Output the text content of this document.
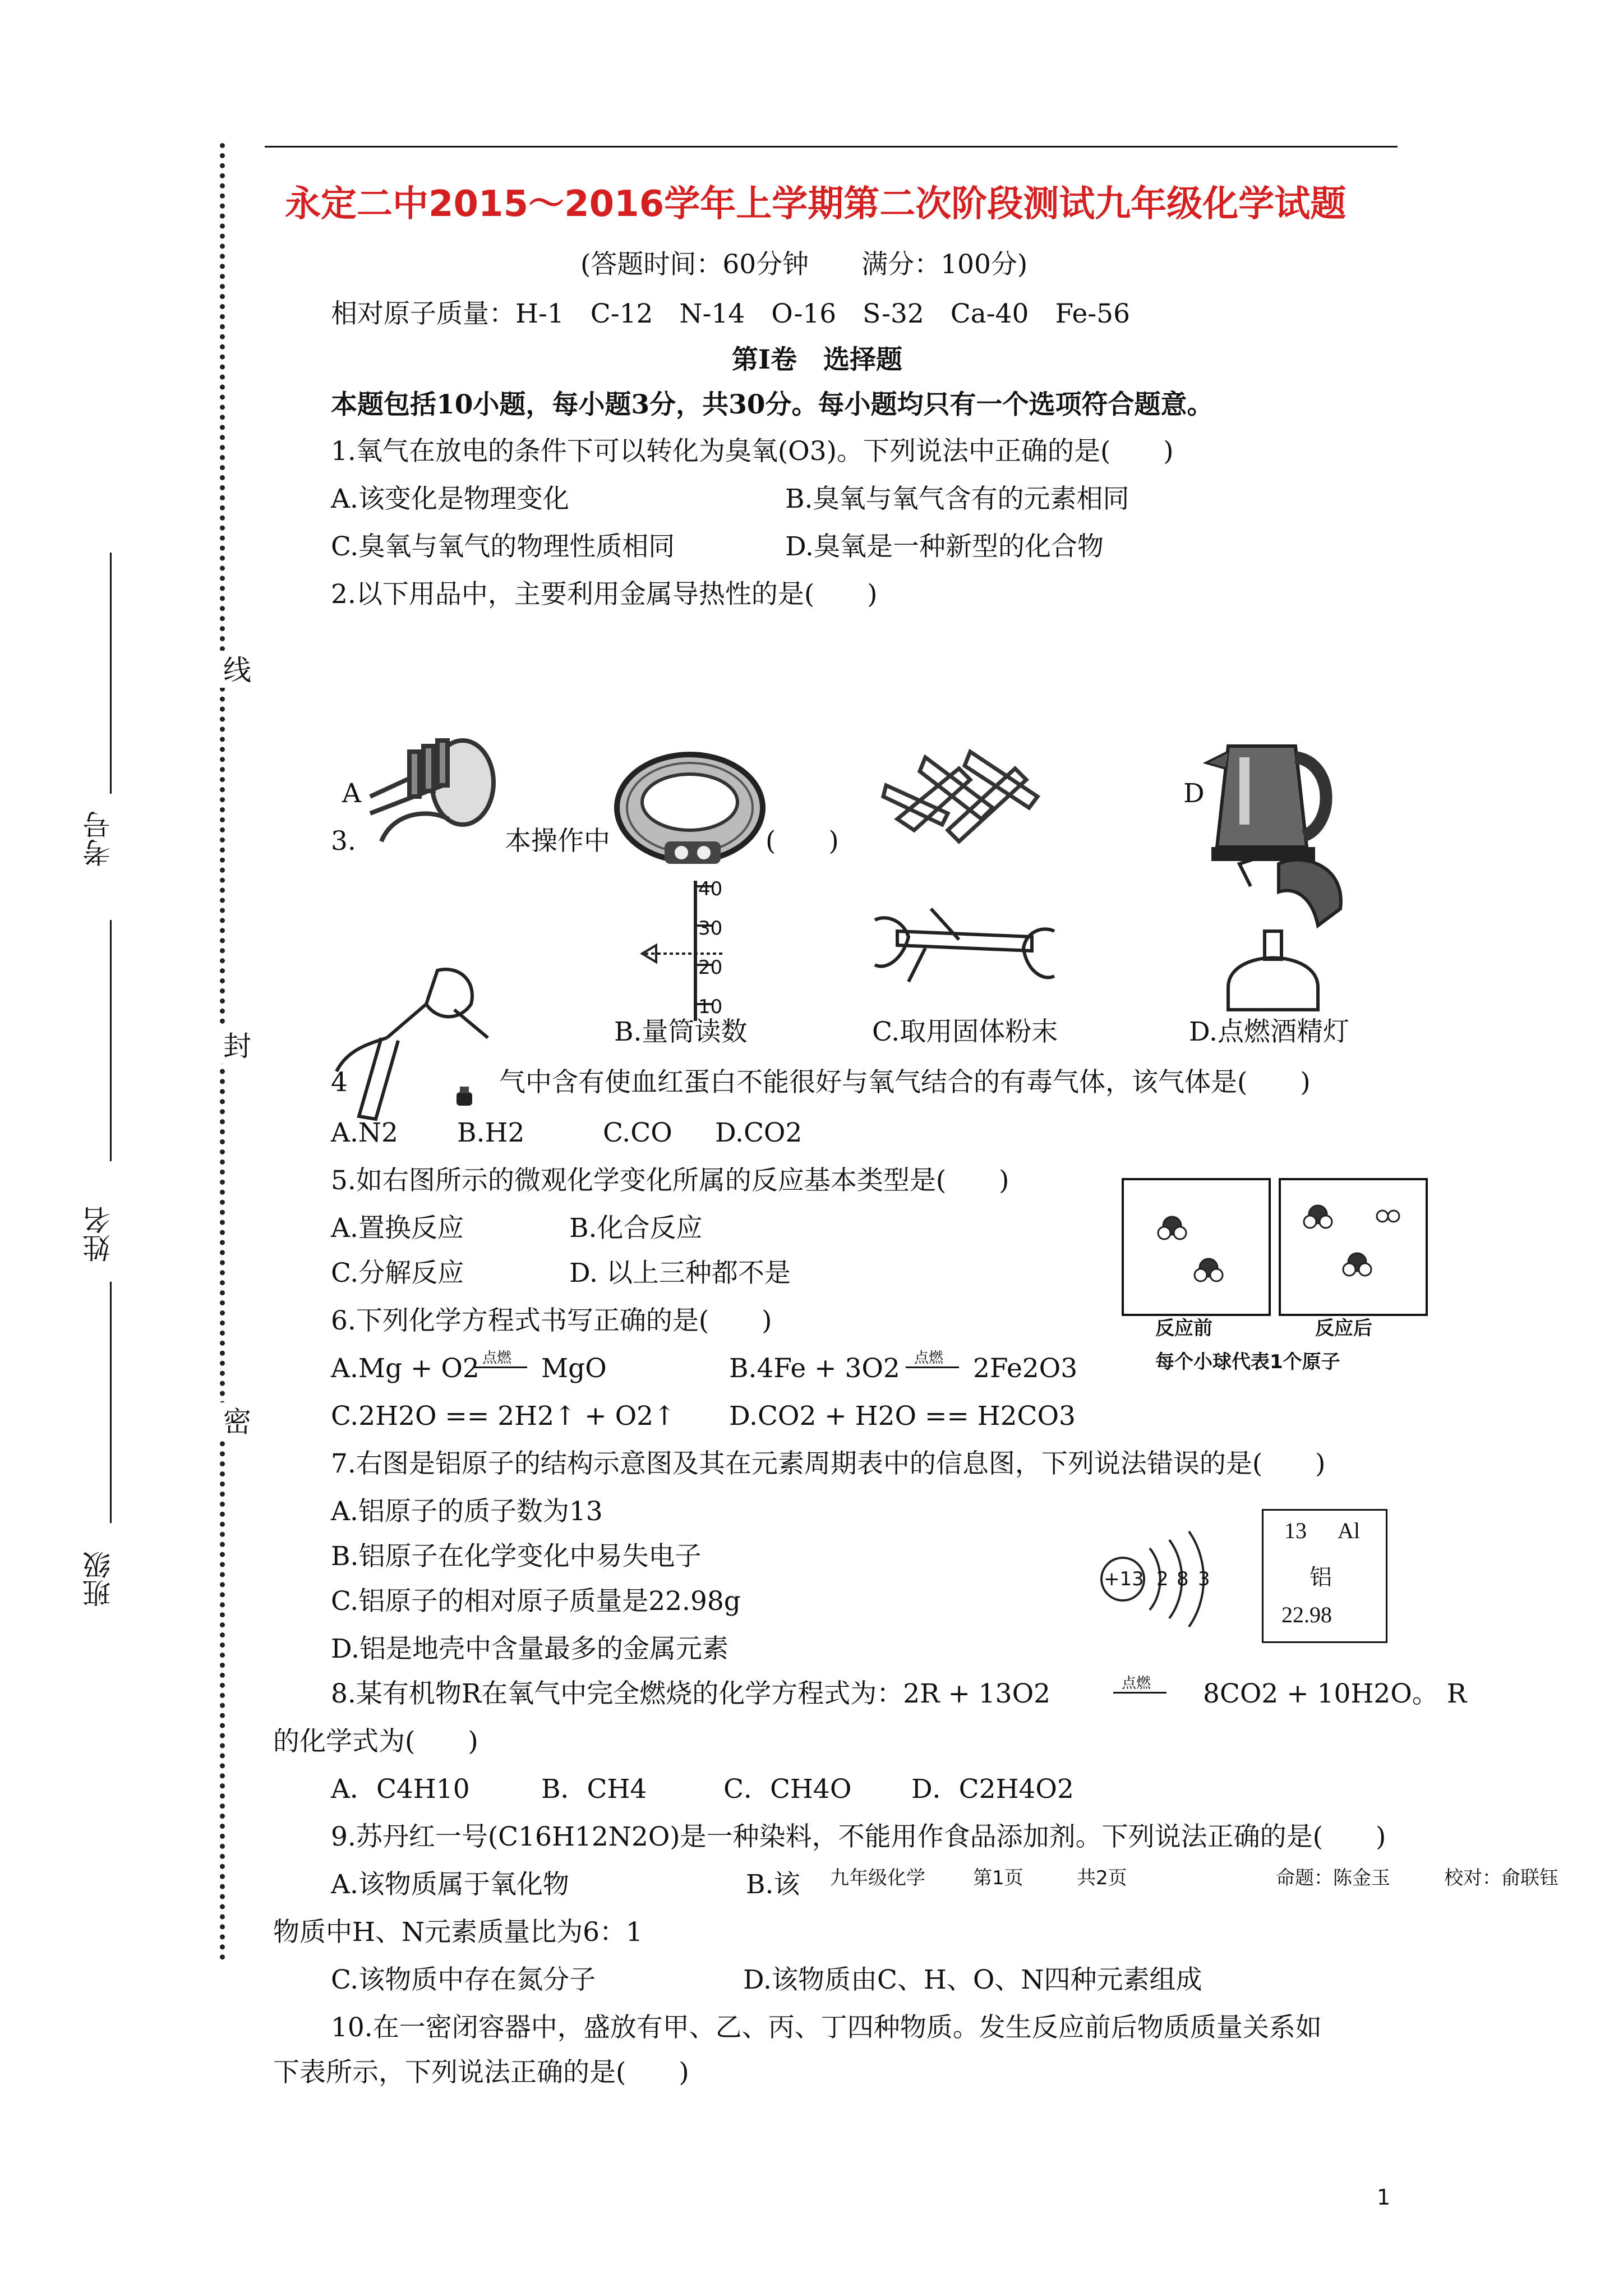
线
封
密
考号
姓名
班级
永定二中2015～2016学年上学期第二次阶段测试九年级化学试题
(答题时间：60分钟　　满分：100分)
相对原子质量：H-1　C-12　N-14　O-16　S-32　Ca-40　Fe-56
第Ⅰ卷　选择题
本题包括10小题，每小题3分，共30分。每小题均只有一个选项符合题意。
1.氧气在放电的条件下可以转化为臭氧(O3)。下列说法中正确的是(　　)
A.该变化是物理变化	B.臭氧与氧气含有的元素相同
C.臭氧与氧气的物理性质相同	D.臭氧是一种新型的化合物
2.以下用品中，主要利用金属导热性的是(　　)
A	D
3.	本操作中	(　　)
40
30
20
10
B.量筒读数	C.取用固体粉末	D.点燃酒精灯
4	气中含有使血红蛋白不能很好与氧气结合的有毒气体，该气体是(　　)
A.N2 B.H2	C.CO D.CO2
5.如右图所示的微观化学变化所属的反应基本类型是(　　)
A.置换反应	B.化合反应
C.分解反应	D. 以上三种都不是
反应前	反应后
每个小球代表1个原子
6.下列化学方程式书写正确的是(　　)
A.Mg + O2 点燃 MgO	B.4Fe + 3O2 点燃 2Fe2O3
C.2H2O == 2H2↑ + O2↑ D.CO2 + H2O == H2CO3
7.右图是铝原子的结构示意图及其在元素周期表中的信息图，下列说法错误的是(　　)
A.铝原子的质子数为13
B.铝原子在化学变化中易失电子
C.铝原子的相对原子质量是22.98g
D.铝是地壳中含量最多的金属元素
+13 2 8 3
13 Al
铝
22.98
8.某有机物R在氧气中完全燃烧的化学方程式为：2R + 13O2	点燃 8CO2 + 10H2O。 R
的化学式为(　　)
A．C4H10	B．CH4	C．CH4O D．C2H4O2
9.苏丹红一号(C16H12N2O)是一种染料，不能用作食品添加剂。下列说法正确的是(　　)
A.该物质属于氧化物	B.该 九年级化学	第1页	共2页	命题：陈金玉	校对：俞联钰
物质中H、N元素质量比为6：1
C.该物质中存在氮分子	D.该物质由C、H、O、N四种元素组成
10.在一密闭容器中，盛放有甲、乙、丙、丁四种物质。发生反应前后物质质量关系如
下表所示，下列说法正确的是(　　)
1
